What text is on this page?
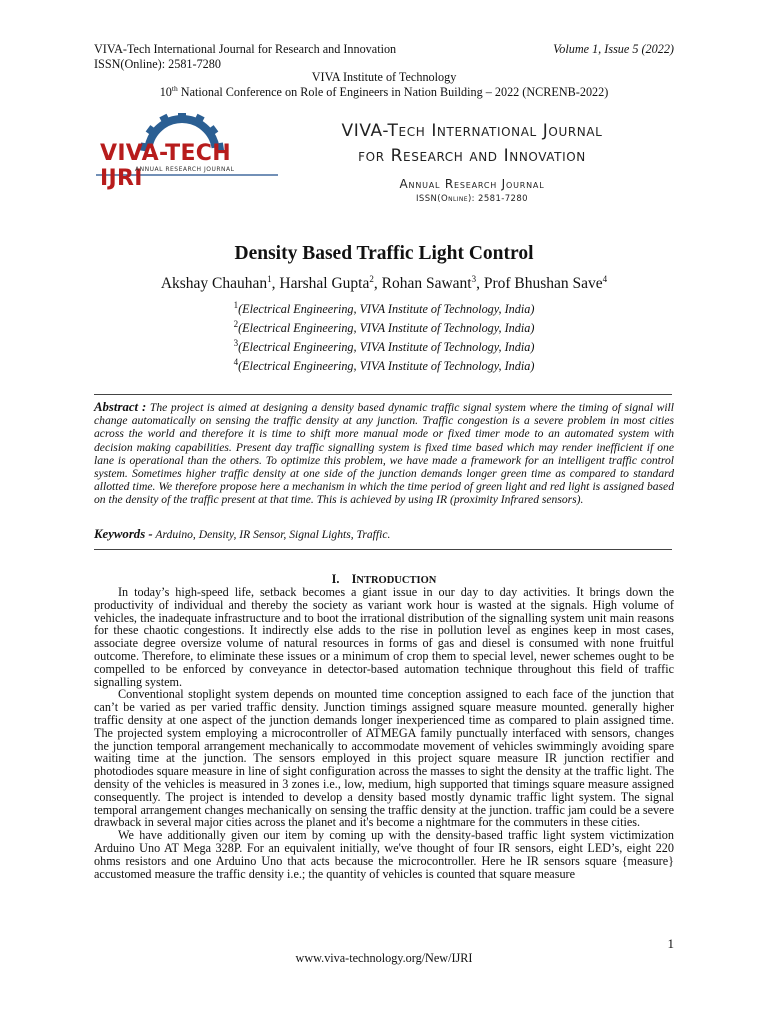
VIVA-Tech International Journal for Research and Innovation
ISSN(Online): 2581-7280
Volume 1, Issue 5 (2022)
VIVA Institute of Technology
10th National Conference on Role of Engineers in Nation Building – 2022 (NCRENB-2022)
VIVA-TECH IJRI
ANNUAL RESEARCH JOURNAL
VIVA-Tech International Journal
for Research and Innovation
Annual Research Journal
ISSN(Online): 2581-7280
Density Based Traffic Light Control
Akshay Chauhan$^1$, Harshal Gupta$^2$, Rohan Sawant$^3$, Prof Bhushan Save$^4$
$^1$(Electrical Engineering, VIVA Institute of Technology, India)
$^2$(Electrical Engineering, VIVA Institute of Technology, India)
$^3$(Electrical Engineering, VIVA Institute of Technology, India)
$^4$(Electrical Engineering, VIVA Institute of Technology, India)
Abstract : The project is aimed at designing a density based dynamic traffic signal system where the timing of signal will change automatically on sensing the traffic density at any junction. Traffic congestion is a severe problem in most cities across the world and therefore it is time to shift more manual mode or fixed timer mode to an automated system with decision making capabilities. Present day traffic signalling system is fixed time based which may render inefficient if one lane is operational than the others. To optimize this problem, we have made a framework for an intelligent traffic control system. Sometimes higher traffic density at one side of the junction demands longer green time as compared to standard allotted time. We therefore propose here a mechanism in which the time period of green light and red light is assigned based on the density of the traffic present at that time. This is achieved by using IR (proximity Infrared sensors).
Keywords - Arduino, Density, IR Sensor, Signal Lights, Traffic.
I. INTRODUCTION

In today’s high-speed life, setback becomes a giant issue in our day to day activities. It brings down the productivity of individual and thereby the society as variant work hour is wasted at the signals. High volume of vehicles, the inadequate infrastructure and to boot the irrational distribution of the signalling system unit main reasons for these chaotic congestions. It indirectly else adds to the rise in pollution level as engines keep in most cases, associate degree oversize volume of natural resources in forms of gas and diesel is consumed with none fruitful outcome. Therefore, to eliminate these issues or a minimum of crop them to special level, newer schemes ought to be compelled to be enforced by conveyance in detector-based automation technique throughout this field of traffic signalling system.

Conventional stoplight system depends on mounted time conception assigned to each face of the junction that can’t be varied as per varied traffic density. Junction timings assigned square measure mounted. generally higher traffic density at one aspect of the junction demands longer inexperienced time as compared to plain assigned time. The projected system employing a microcontroller of ATMEGA family punctually interfaced with sensors, changes the junction temporal arrangement mechanically to accommodate movement of vehicles swimmingly avoiding spare waiting time at the junction. The sensors employed in this project square measure IR junction rectifier and photodiodes square measure in line of sight configuration across the masses to sight the density at the traffic light. The density of the vehicles is measured in 3 zones i.e., low, medium, high supported that timings square measure assigned consequently. The project is intended to develop a density based mostly dynamic traffic light system. The signal temporal arrangement changes mechanically on sensing the traffic density at the junction. traffic jam could be a severe drawback in several major cities across the planet and it's become a nightmare for the commuters in these cities.

We have additionally given our item by coming up with the density-based traffic light system victimization Arduino Uno AT Mega 328P. For an equivalent initially, we've thought of four IR sensors, eight LED’s, eight 220 ohms resistors and one Arduino Uno that acts because the microcontroller. Here he IR sensors square {measure} accustomed measure the traffic density i.e.; the quantity of vehicles is counted that square measure

1
www.viva-technology.org/New/IJRI
